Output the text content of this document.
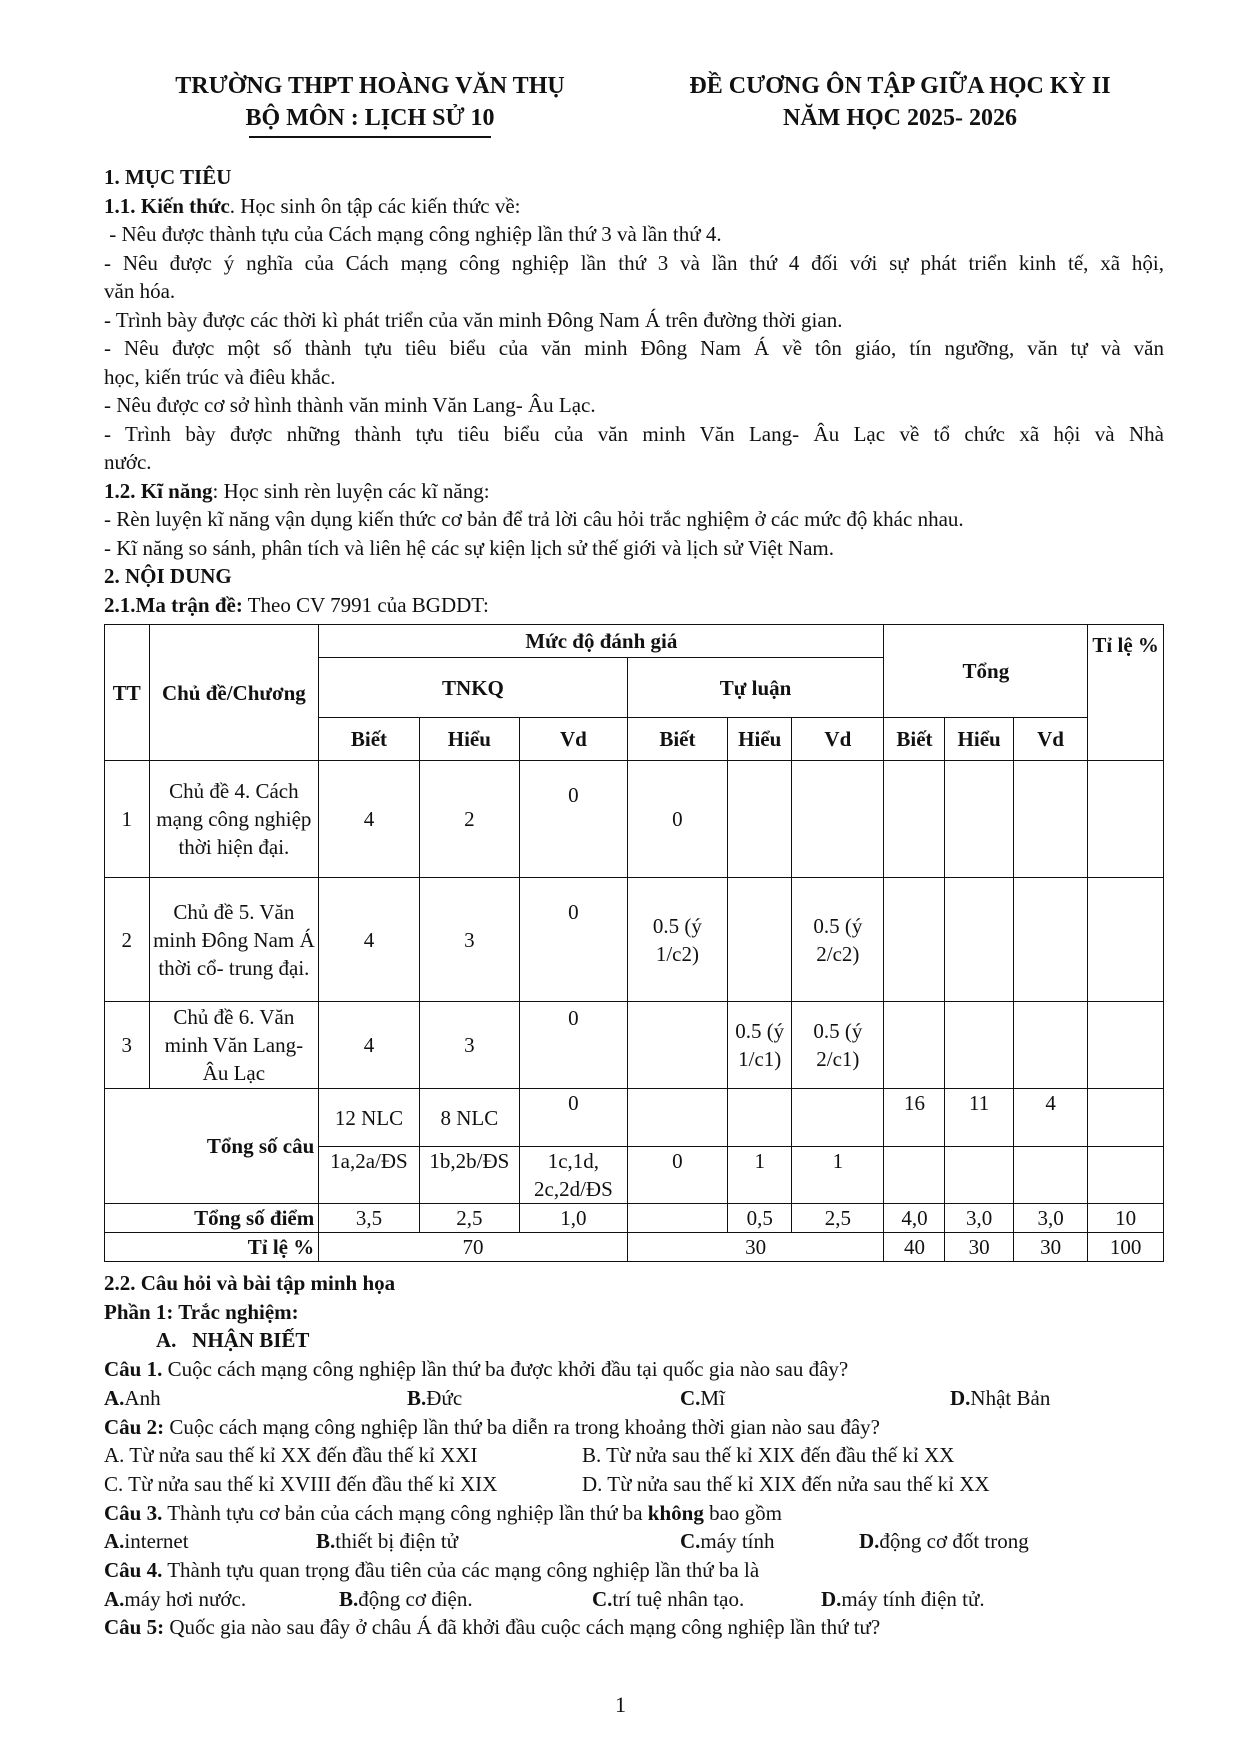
TRƯỜNG THPT HOÀNG VĂN THỤ
BỘ MÔN : LỊCH SỬ 10
ĐỀ CƯƠNG ÔN TẬP GIỮA HỌC KỲ II
NĂM HỌC 2025- 2026

1. MỤC TIÊU

1.1. Kiến thức. Học sinh ôn tập các kiến thức về:

- Nêu được thành tựu của Cách mạng công nghiệp lần thứ 3 và lần thứ 4.

- Nêu được ý nghĩa của Cách mạng công nghiệp lần thứ 3 và lần thứ 4 đối với sự phát triển kinh tế, xã hội,

văn hóa.

- Trình bày được các thời kì phát triển của văn minh Đông Nam Á trên đường thời gian.

- Nêu được một số thành tựu tiêu biểu của văn minh Đông Nam Á về tôn giáo, tín ngưỡng, văn tự và văn

học, kiến trúc và điêu khắc.

- Nêu được cơ sở hình thành văn minh Văn Lang- Âu Lạc.

- Trình bày được những thành tựu tiêu biểu của văn minh Văn Lang- Âu Lạc về tổ chức xã hội và Nhà

nước.

1.2. Kĩ năng: Học sinh rèn luyện các kĩ năng:

- Rèn luyện kĩ năng vận dụng kiến thức cơ bản để trả lời câu hỏi trắc nghiệm ở các mức độ khác nhau.

- Kĩ năng so sánh, phân tích và liên hệ các sự kiện lịch sử thế giới và lịch sử Việt Nam.

2. NỘI DUNG

2.1.Ma trận đề: Theo CV 7991 của BGDDT:

TT	Chủ đề/Chương	Mức độ đánh giá						Tổng			Tỉ lệ %
		TNKQ			Tự luận						
		Biết	Hiểu	Vd	Biết	Hiểu	Vd	Biết	Hiểu	Vd	
1	Chủ đề 4. Cách mạng công nghiệp thời hiện đại.	4	2	0	0						
2	Chủ đề 5. Văn minh Đông Nam Á thời cổ- trung đại.	4	3	0	0.5 (ý 1/c2)		0.5 (ý 2/c2)				
3	Chủ đề 6. Văn minh Văn Lang- Âu Lạc	4	3	0		0.5 (ý 1/c1)	0.5 (ý 2/c1)				
Tổng số câu		12 NLC	8 NLC	0				16	11	4	
		1a,2a/ĐS	1b,2b/ĐS	1c,1d, 2c,2d/ĐS	0	1	1				
Tổng số điểm		3,5	2,5	1,0		0,5	2,5	4,0	3,0	3,0	10
Tỉ lệ %		70			30			40	30	30	100

2.2. Câu hỏi và bài tập minh họa

Phần 1: Trắc nghiệm:

A.   NHẬN BIẾT

Câu 1. Cuộc cách mạng công nghiệp lần thứ ba được khởi đầu tại quốc gia nào sau đây?

A.Anh	B.Đức	C.Mĩ	D.Nhật Bản

Câu 2: Cuộc cách mạng công nghiệp lần thứ ba diễn ra trong khoảng thời gian nào sau đây?

A. Từ nửa sau thế kỉ XX đến đầu thế kỉ XXI	B. Từ nửa sau thế kỉ XIX đến đầu thế kỉ XX
C. Từ nửa sau thế kỉ XVIII đến đầu thế kỉ XIX	D. Từ nửa sau thế kỉ XIX đến nửa sau thế kỉ XX

Câu 3. Thành tựu cơ bản của cách mạng công nghiệp lần thứ ba không bao gồm

A.internet	B.thiết bị điện tử	C.máy tính	D.động cơ đốt trong

Câu 4. Thành tựu quan trọng đầu tiên của các mạng công nghiệp lần thứ ba là

A.máy hơi nước.	B.động cơ điện.	C.trí tuệ nhân tạo.	D.máy tính điện tử.

Câu 5: Quốc gia nào sau đây ở châu Á đã khởi đầu cuộc cách mạng công nghiệp lần thứ tư?

1
